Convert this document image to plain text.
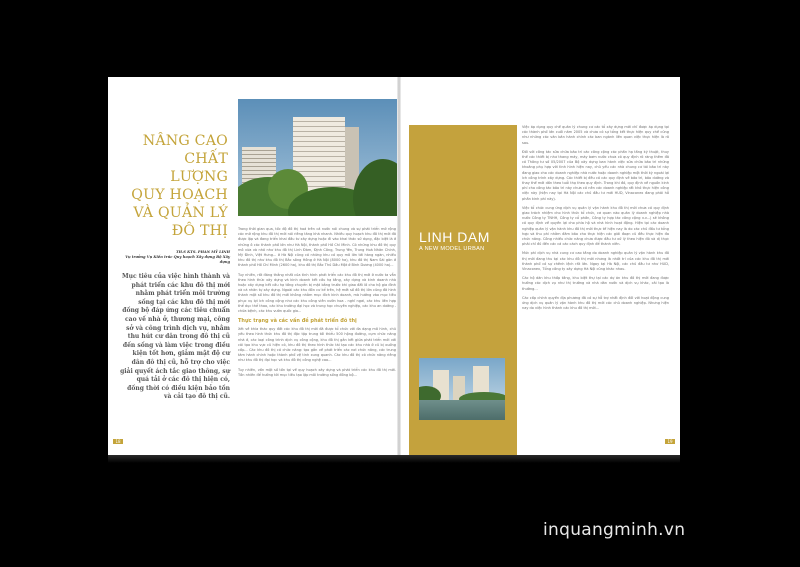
NÂNG CAO
CHẤT LƯỢNG
QUY HOẠCH
VÀ QUẢN LÝ
ĐÔ THỊ
TH.S KTS. PHAN MỸ LINH
Vụ trưởng Vụ Kiến trúc Quy hoạch Xây dựng Bộ Xây dựng
Mục tiêu của việc hình thành và phát triển các khu đô thị mới nhằm phát triển môi trường sống tại các khu đô thị mới đồng bộ đáp ứng các tiêu chuẩn cao về nhà ở, thương mại, công sở và công trình dịch vụ, nhằm thu hút cư dân trong đô thị cũ đến sống và làm việc trong điều kiện tốt hơn, giảm mật độ cư dân đô thị cũ, hỗ trợ cho việc giải quyết ách tắc giao thông, sự quá tải ở các đô thị hiện có, đồng thời có điều kiện bảo tồn và cải tạo đô thị cũ.

Trong thời gian qua, tốc độ đô thị hoá trên cả nước nói chung và sự phát triển mở rộng các mở rộng khu đô thị mới nói riêng tăng khá nhanh. Nhiều quy hoạch khu đô thị mới đã được lập và đang triển khai đầu tư xây dựng hoặc đi vào khai thác sử dụng, đặc biệt là ở những ô các thành phố lớn như Hà Nội, thành phố Hồ Chí Minh. Có những khu đô thị quy mô vừa và nhỏ như khu đô thị Linh Đàm, Định Công, Trung Yên, Trung Hoà Nhân Chính, Mỹ Đình, Việt Hưng... ở Hà Nội cũng có những khu có quy mô lớn tới hàng ngàn, nhiều khu đô thị như khu đô thị Bắc sông Hồng ở Hà Nội (8000 ha), khu đô thị Nam Sài gòn ở thành phố Hồ Chí Minh (2600 ha), khu đô thị Bắc Thủ Dầu Một ở Bình Dương (4000 ha)...

Tuy nhiên, rất đáng thắng nhất của tình hình phát triển các khu đô thị mới ở nước ta vẫn theo hình thức xây dựng và kinh doanh kết cấu hạ tầng, xây dựng và kinh doanh nhà hoặc xây dựng kết cấu hạ tầng chuyển bị mặt bằng trước khi giao đất lô cho hộ gia đình và cá nhân tự xây dựng. Ngoài các khu đồn cư kể trên, hệ mớt số đô thị lớn cũng đã hình thành một số khu đô thị mới không nhằm mục đích kinh doanh, mà hướng vào mục tiêu phục vụ lợi ích công cộng như các khu công viên vườn hoa - nghỉ ngơi, các khu liên hợp thể dục thể thao, các khu trường đại học và trung học chuyên nghiệp, các khu an dưỡng - chữa bệnh, các khu vườn quốc gia...

Thực trạng và các vấn đề phát triển đô thị

Xét về khía thác quy đất các khu đô thị mới đã được tổ chức với đa dạng mô hình, chủ yếu theo hình thức khu đô thị đặc tập trung tối thiểu 500 hộng đường, cụm chức năng nhà ở, các loại công trình dịch vụ công cộng, khu đô thị gắn kết giữa phát triển mới với cải tạo khu vực cũ hiện có, khu đô thị theo hình thức tái tạo các khu nhà ở cũ bị xuống cấp... Các khu đô thị có chức năng: tạo gắn về phát triển các nơi chức năng, các trung tâm hành chính hoặc thành phố vệ tinh xung quanh. Các khu đô thị có chức năng riêng như khu đô thị đại học và khu đô thị công nghệ cao...

Tuy nhiên, vấn một số tồn tại về quy hoạch xây dựng và phát triển các khu đô thị mới. Tồn nhiên để hướng tới mục tiêu tạo lập môi trường sống đồng bộ...

18
LINH DAM
A NEW MODEL URBAN

Việc áp dụng quy chế quản lý chung cư các tổ xây dựng mới chỉ được áp dụng tại các thành phố lớn cuối năm 2005 và chưa có sự tổng kết thực hiện quy chế cũng như những các văn bản hành chính các ban ngành liên quan việc thực hiện là rõ sau.

Đối với công tác sửa chữa bảo trì các công cộng các phần hạ tầng kỹ thuật, thuy thế các thiết bị như thang máy, máy bơm nước chưa có quy định rõ ràng thêm đã có Thông tư số 05/2007 của Bộ xây dựng ban hành việc sửa chữa bảo trì những khoảng phụ hợp với tình hình hiện nay, chủ yếu các nhà chung cư tái bảo trì này đang giao cho các doanh nghiệp nhà nước hoặc doanh nghiệp một thời kỳ ngoài lợi ích công trình xây dựng. Các thiết bị đều có các quy định về bảo trì, bảo dưỡng và thay thế mới dần theo tuổi thọ theo quy định. Trong khi đó, quy định về nguồn kinh phí cho công tác bảo trì này chưa có nên các doanh nghiệp rất khó thực hiện công việc này (hiện nay tại Hà Nội các chủ đầu tư mới HUD, Vinaconex đang phải hỗ phần kinh phí này).

Việc tổ chức cung ứng dịch vụ quản lý vận hành khu đô thị mới chưa có quy định giao trách nhiệm cho hình thức tổ chức, cơ quan nào quản lý doanh nghiệp nhà nước Công ty TNHH, Công ty cổ phần, Công ty hợp tác công cộng v.v...) sẽ không có quy định về quyền lợi cho phía hộ và nhà hình hoạt động. Hiện tại các doanh nghiệp quản lý vận hành khu đô thị mới thực tế hiện nay là do các chủ đầu tư tổng hợp và thu phí nhằm đảm bảo cho thực hiện các giải đoạn cũ đều thực hiện đa chức năng. Công nhiều chức năng chưa được đầu tư xử lý theo hiện đó và dị thực phải chỉ đủ đến các cá các cách quy định để thành viên.

Mức phí dịch vụ nhà cung cư cao tầng do doanh nghiệp quản lý vận hành khu đô thị mới đang thu tại các khu đô thị mới nhưng là nhất trí của các khu đô thị mới thành phố có sự chênh lệch rất lớn. Ngay tại Hà Nội, các chủ đầu tư như HUD, Vinaconex, Tổng công ty xây dựng Hà Nội cũng khác nhau.

Các hộ dân khu thấp tầng, khu biệt thự tại các dự án khu đô thị mới đang được hưởng các dịch vụ như thị trường và nhà dân nước và dịch vụ khác, cải tạo là thường...

Các cấp chính quyền địa phương đã có sự hỗ trợ nhất định đối với hoạt động cung ứng dịch vụ quản lý vận hành khu đô thị mới các chủ doanh nghiệp. Nhưng hiện nay do việc hình thành các khu đô thị mới...

19
inquangminh.vn
